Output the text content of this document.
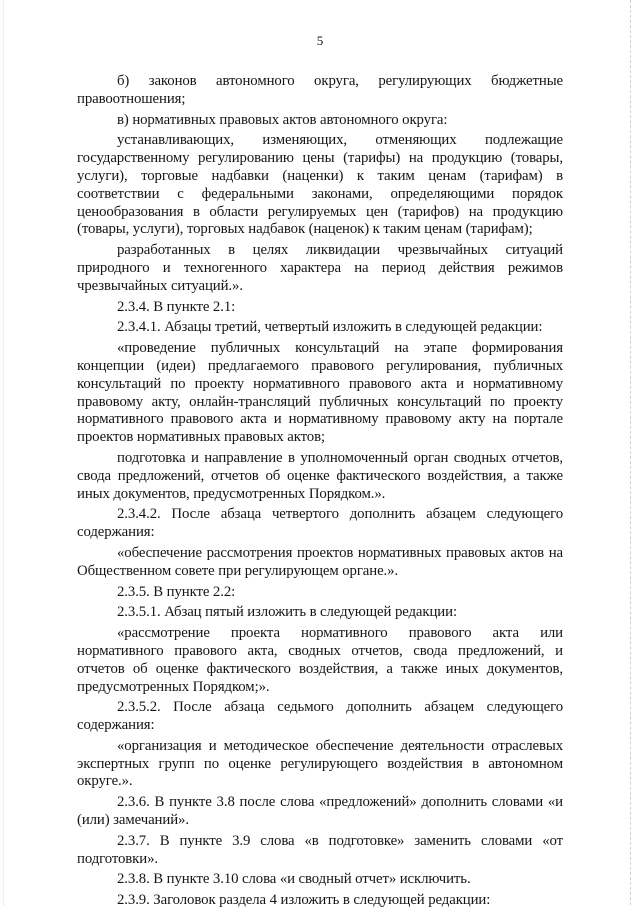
5

б) законов автономного округа, регулирующих бюджетные правоотношения;

в) нормативных правовых актов автономного округа:

устанавливающих, изменяющих, отменяющих подлежащие государственному регулированию цены (тарифы) на продукцию (товары, услуги), торговые надбавки (наценки) к таким ценам (тарифам) в соответствии с федеральными законами, определяющими порядок ценообразования в области регулируемых цен (тарифов) на продукцию (товары, услуги), торговых надбавок (наценок) к таким ценам (тарифам);

разработанных в целях ликвидации чрезвычайных ситуаций природного и техногенного характера на период действия режимов чрезвычайных ситуаций.».

2.3.4. В пункте 2.1:

2.3.4.1. Абзацы третий, четвертый изложить в следующей редакции:

«проведение публичных консультаций на этапе формирования концепции (идеи) предлагаемого правового регулирования, публичных консультаций по проекту нормативного правового акта и нормативному правовому акту, онлайн-трансляций публичных консультаций по проекту нормативного правового акта и нормативному правовому акту на портале проектов нормативных правовых актов;

подготовка и направление в уполномоченный орган сводных отчетов, свода предложений, отчетов об оценке фактического воздействия, а также иных документов, предусмотренных Порядком.».

2.3.4.2. После абзаца четвертого дополнить абзацем следующего содержания:

«обеспечение рассмотрения проектов нормативных правовых актов на Общественном совете при регулирующем органе.».

2.3.5. В пункте 2.2:

2.3.5.1. Абзац пятый изложить в следующей редакции:

«рассмотрение проекта нормативного правового акта или нормативного правового акта, сводных отчетов, свода предложений, и отчетов об оценке фактического воздействия, а также иных документов, предусмотренных Порядком;».

2.3.5.2. После абзаца седьмого дополнить абзацем следующего содержания:

«организация и методическое обеспечение деятельности отраслевых экспертных групп по оценке регулирующего воздействия в автономном округе.».

2.3.6. В пункте 3.8 после слова «предложений» дополнить словами «и (или) замечаний».

2.3.7. В пункте 3.9 слова «в подготовке» заменить словами «от подготовки».

2.3.8. В пункте 3.10 слова «и сводный отчет» исключить.

2.3.9. Заголовок раздела 4 изложить в следующей редакции:
